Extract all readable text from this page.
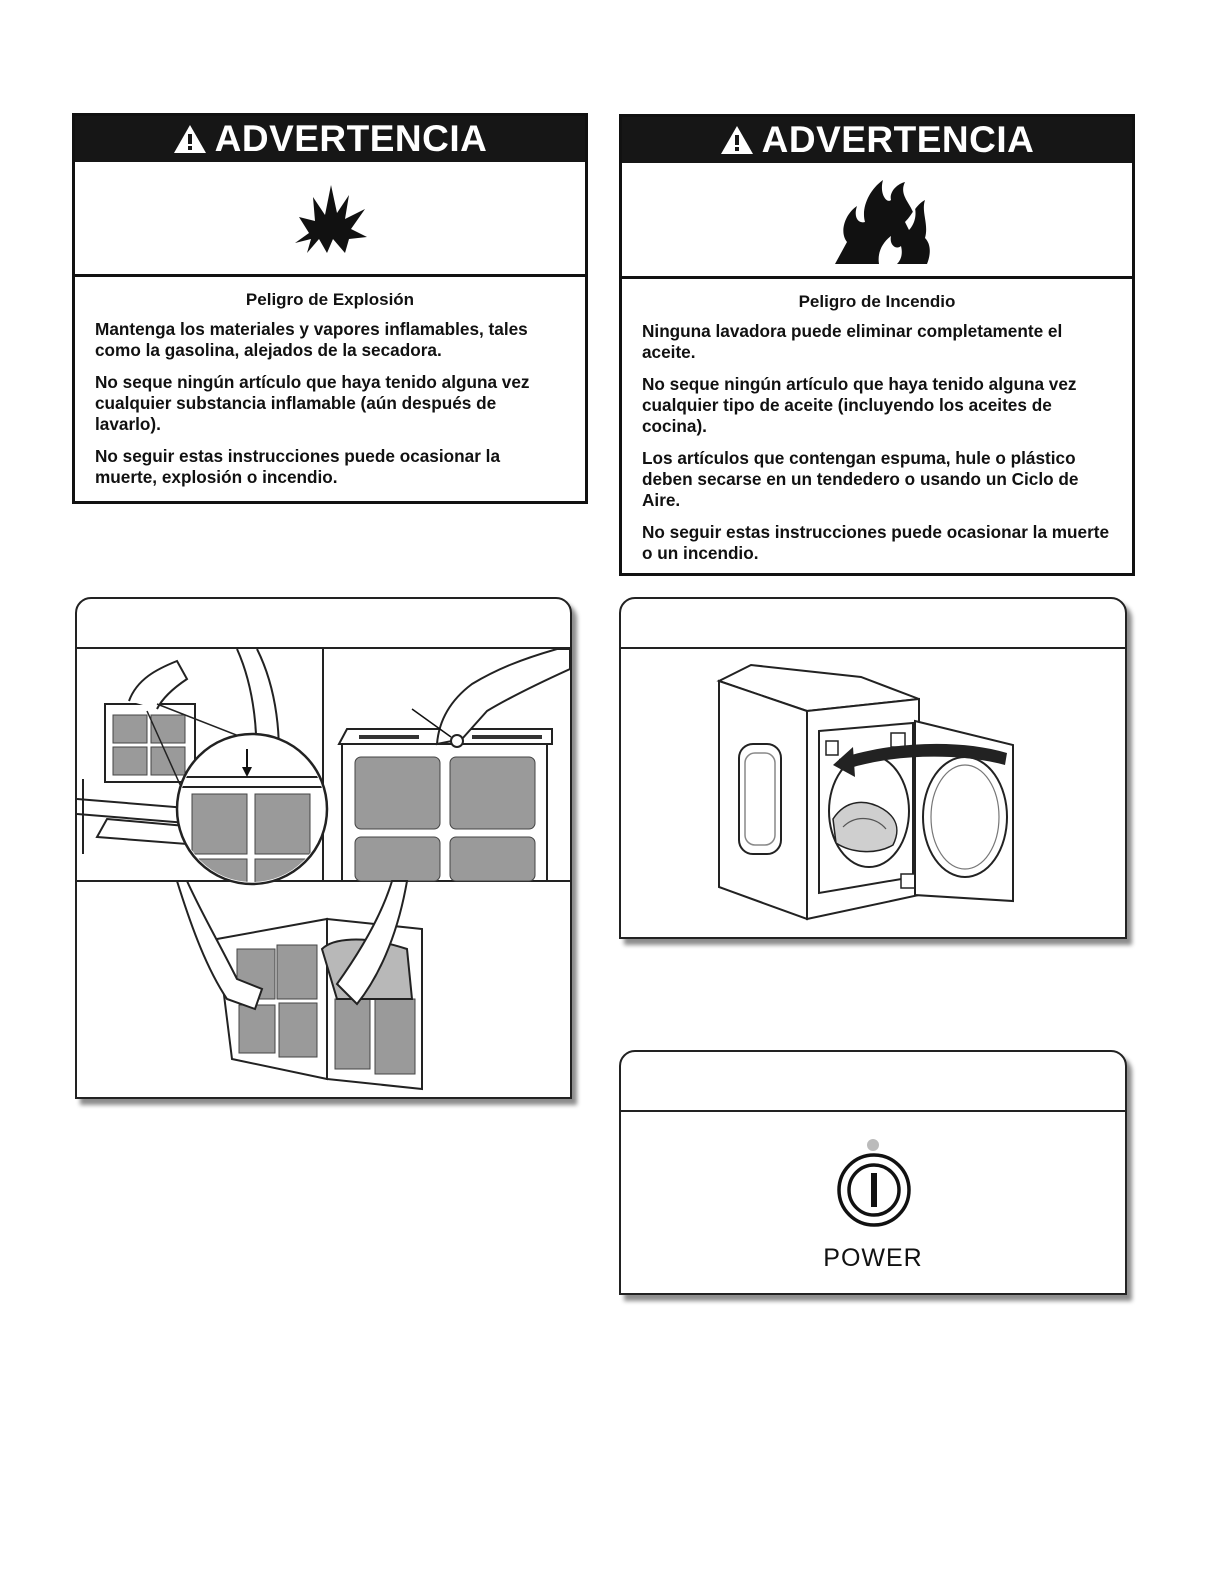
ADVERTENCIA
Peligro de Explosión

Mantenga los materiales y vapores inflamables, tales como la gasolina, alejados de la secadora.

No seque ningún artículo que haya tenido alguna vez cualquier substancia inflamable (aún después de lavarlo).

No seguir estas instrucciones puede ocasionar la muerte, explosión o incendio.

ADVERTENCIA
Peligro de Incendio

Ninguna lavadora puede eliminar completamente el aceite.

No seque ningún artículo que haya tenido alguna vez cualquier tipo de aceite (incluyendo los aceites de cocina).

Los artículos que contengan espuma, hule o plástico deben secarse en un tendedero o usando un Ciclo de Aire.

No seguir estas instrucciones puede ocasionar la muerte o un incendio.

POWER
